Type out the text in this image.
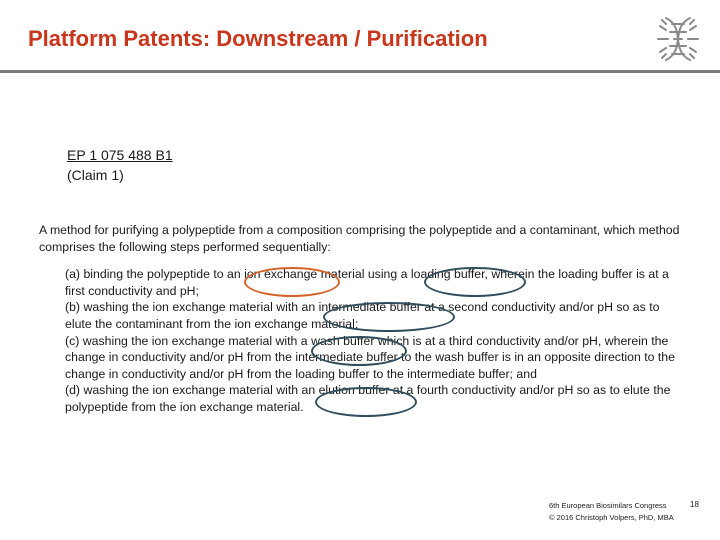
Platform Patents: Downstream / Purification
EP 1 075 488 B1
(Claim 1)

A method for purifying a polypeptide from a composition comprising the polypeptide and a contaminant, which method comprises the following steps performed sequentially:

(a) binding the polypeptide to an ion exchange material using a loading buffer, wherein the loading buffer is at a first conductivity and pH;

(b) washing the ion exchange material with an intermediate buffer at a second conductivity and/or pH so as to elute the contaminant from the ion exchange material;

(c) washing the ion exchange material with a wash buffer which is at a third conductivity and/or pH, wherein the change in conductivity and/or pH from the intermediate buffer to the wash buffer is in an opposite direction to the change in conductivity and/or pH from the loading buffer to the intermediate buffer; and

(d) washing the ion exchange material with an elution buffer at a fourth conductivity and/or pH so as to elute the polypeptide from the ion exchange material.

6th European Biosimilars Congress
© 2016 Christoph Volpers, PhD, MBA
18
